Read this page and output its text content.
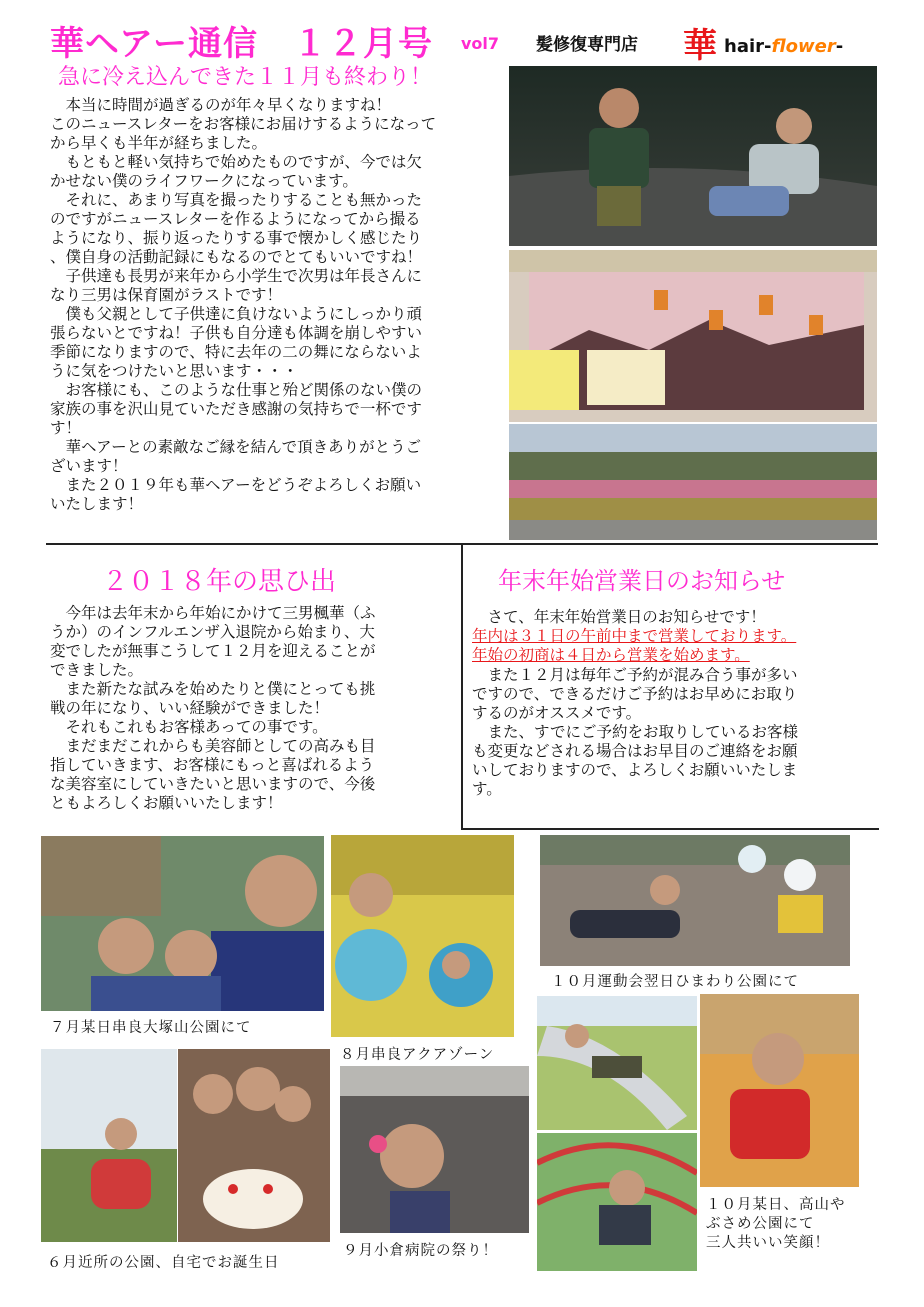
華ヘアー通信　１２月号 vol7 髪修復専門店 華 hair-flower-
急に冷え込んできた１１月も終わり！
　本当に時間が過ぎるのが年々早くなりますね！
このニュースレターをお客様にお届けするようになって
から早くも半年が経ちました。
　もともと軽い気持ちで始めたものですが、今では欠
かせない僕のライフワークになっています。
　それに、あまり写真を撮ったりすることも無かった
のですがニュースレターを作るようになってから撮る
ようになり、振り返ったりする事で懐かしく感じたり
、僕自身の活動記録にもなるのでとてもいいですね！
　子供達も長男が来年から小学生で次男は年長さんに
なり三男は保育園がラストです！
　僕も父親として子供達に負けないようにしっかり頑
張らないとですね！子供も自分達も体調を崩しやすい
季節になりますので、特に去年の二の舞にならないよ
うに気をつけたいと思います・・・
　お客様にも、このような仕事と殆ど関係のない僕の
家族の事を沢山見ていただき感謝の気持ちで一杯です
す！
　華ヘアーとの素敵なご縁を結んで頂きありがとうご
ざいます！
　また２０１９年も華ヘアーをどうぞよろしくお願い
いたします！
２０１８年の思ひ出
　今年は去年末から年始にかけて三男楓華（ふ
うか）のインフルエンザ入退院から始まり、大
変でしたが無事こうして１２月を迎えることが
できました。
　また新たな試みを始めたりと僕にとっても挑
戦の年になり、いい経験ができました！
　それもこれもお客様あっての事です。
　まだまだこれからも美容師としての高みも目
指していきます、お客様にもっと喜ばれるよう
な美容室にしていきたいと思いますので、今後
ともよろしくお願いいたします！
年末年始営業日のお知らせ
　さて、年末年始営業日のお知らせです！
年内は３１日の午前中まで営業しております。
年始の初商は４日から営業を始めます。
　また１２月は毎年ご予約が混み合う事が多い
ですので、できるだけご予約はお早めにお取り
するのがオススメです。
　また、すでにご予約をお取りしているお客様
も変更などされる場合はお早目のご連絡をお願
いしておりますので、よろしくお願いいたしま
す。
７月某日串良大塚山公園にて
８月串良アクアゾーン
１０月運動会翌日ひまわり公園にて
６月近所の公園、自宅でお誕生日
９月小倉病院の祭り！
１０月某日、高山や
ぶさめ公園にて
三人共いい笑顔！
